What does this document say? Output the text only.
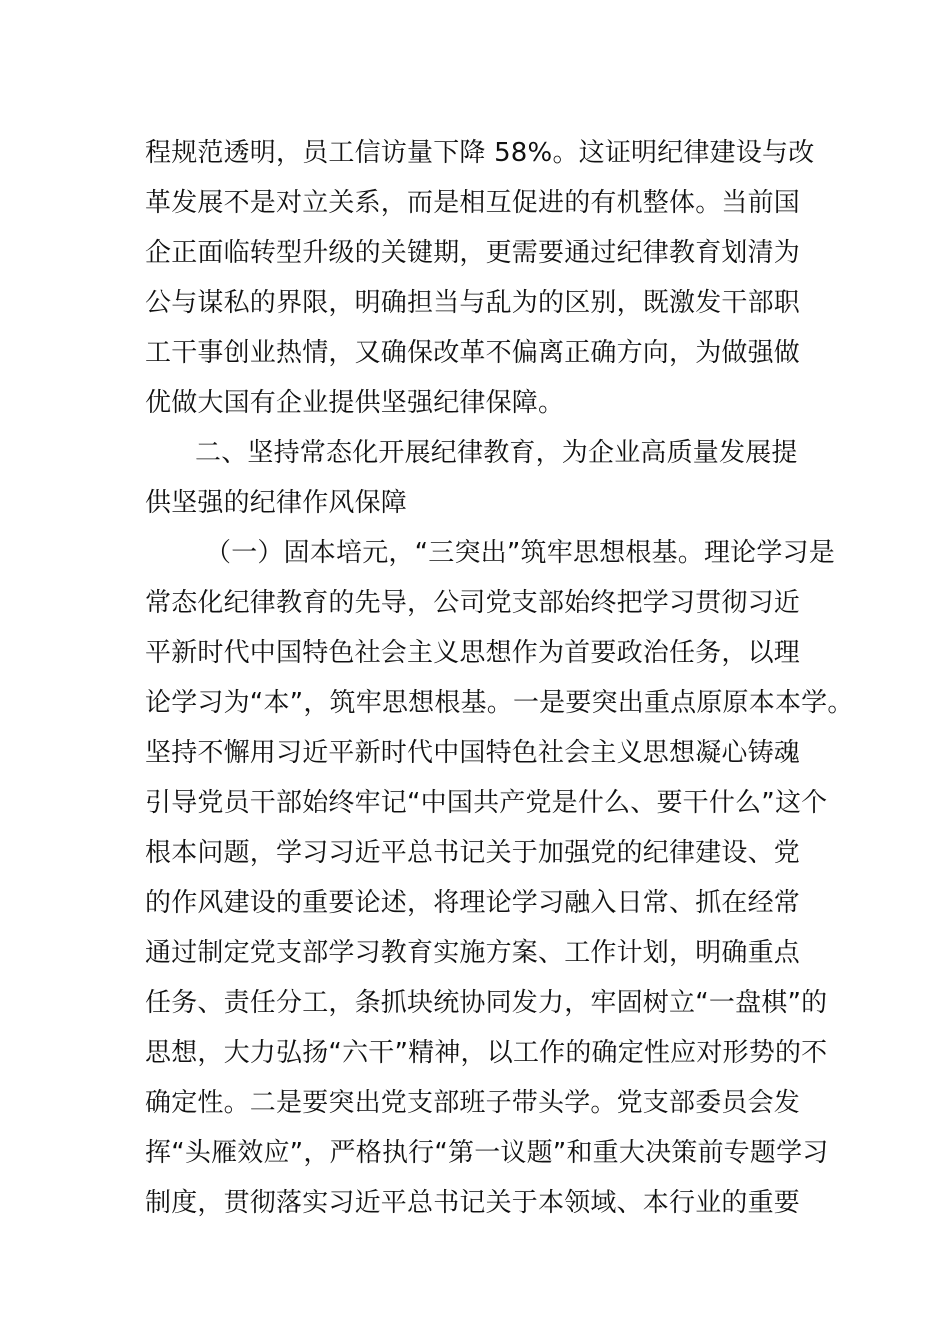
程规范透明，员工信访量下降 58%。这证明纪律建设与改
革发展不是对立关系，而是相互促进的有机整体。当前国
企正面临转型升级的关键期，更需要通过纪律教育划清为
公与谋私的界限，明确担当与乱为的区别，既激发干部职
工干事创业热情，又确保改革不偏离正确方向，为做强做
优做大国有企业提供坚强纪律保障。
二、坚持常态化开展纪律教育，为企业高质量发展提
供坚强的纪律作风保障
（一）固本培元，“三突出”筑牢思想根基。理论学习是
常态化纪律教育的先导，公司党支部始终把学习贯彻习近
平新时代中国特色社会主义思想作为首要政治任务，以理
论学习为“本”，筑牢思想根基。一是要突出重点原原本本学。
坚持不懈用习近平新时代中国特色社会主义思想凝心铸魂
引导党员干部始终牢记“中国共产党是什么、要干什么”这个
根本问题，学习习近平总书记关于加强党的纪律建设、党
的作风建设的重要论述，将理论学习融入日常、抓在经常
通过制定党支部学习教育实施方案、工作计划，明确重点
任务、责任分工，条抓块统协同发力，牢固树立“一盘棋”的
思想，大力弘扬“六干”精神，以工作的确定性应对形势的不
确定性。二是要突出党支部班子带头学。党支部委员会发
挥“头雁效应”，严格执行“第一议题”和重大决策前专题学习
制度，贯彻落实习近平总书记关于本领域、本行业的重要
